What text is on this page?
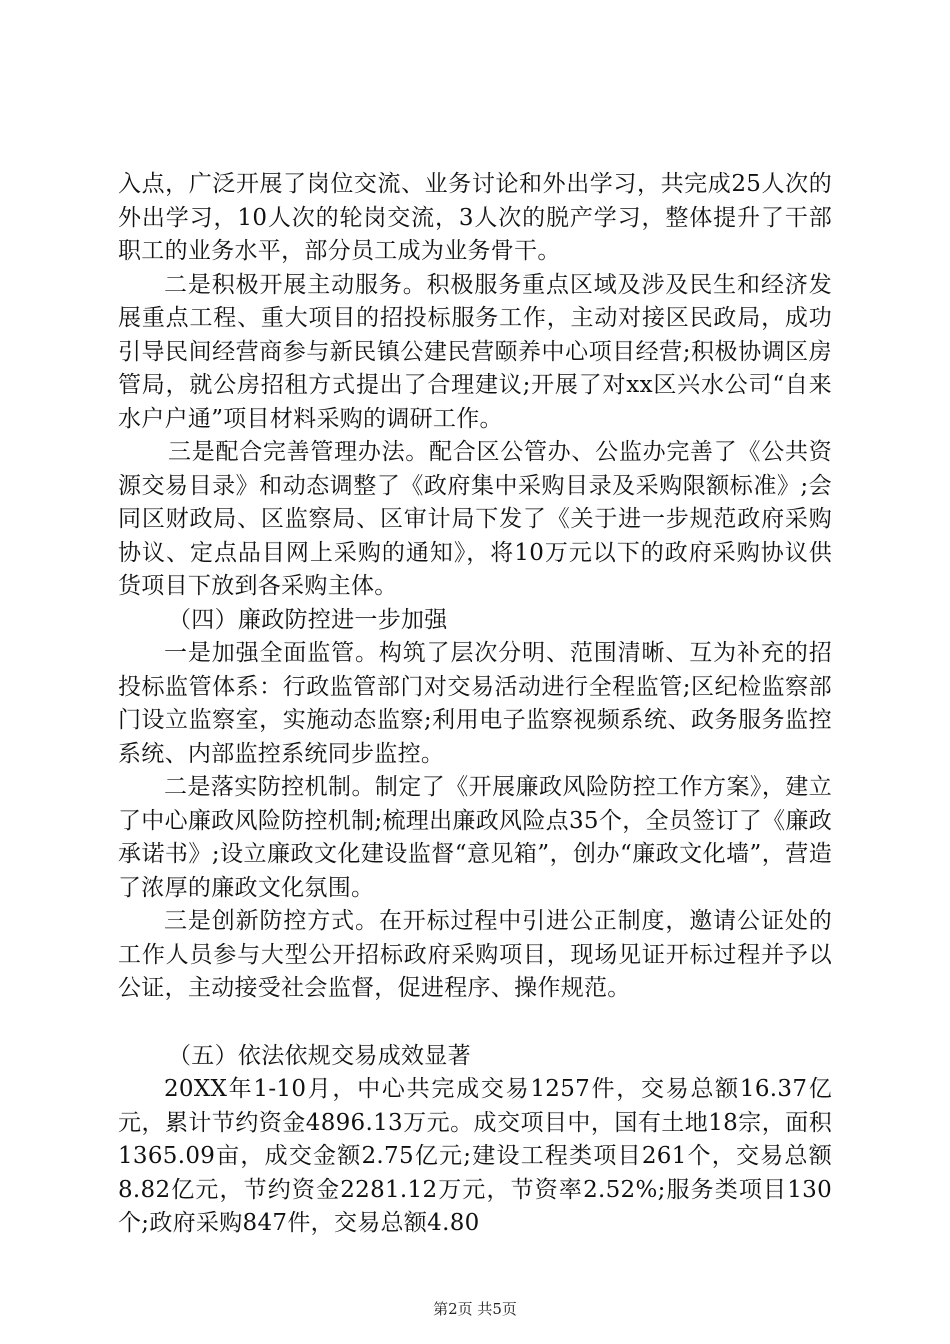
入点，广泛开展了岗位交流、业务讨论和外出学习，共完成25人次的外出学习，10人次的轮岗交流，3人次的脱产学习，整体提升了干部职工的业务水平，部分员工成为业务骨干。

二是积极开展主动服务。积极服务重点区域及涉及民生和经济发展重点工程、重大项目的招投标服务工作，主动对接区民政局，成功引导民间经营商参与新民镇公建民营颐养中心项目经营;积极协调区房管局，就公房招租方式提出了合理建议;开展了对xx区兴水公司“自来水户户通”项目材料采购的调研工作。

三是配合完善管理办法。配合区公管办、公监办完善了《公共资源交易目录》和动态调整了《政府集中采购目录及采购限额标准》;会同区财政局、区监察局、区审计局下发了《关于进一步规范政府采购协议、定点品目网上采购的通知》，将10万元以下的政府采购协议供货项目下放到各采购主体。

（四）廉政防控进一步加强

一是加强全面监管。构筑了层次分明、范围清晰、互为补充的招投标监管体系：行政监管部门对交易活动进行全程监管;区纪检监察部门设立监察室，实施动态监察;利用电子监察视频系统、政务服务监控系统、内部监控系统同步监控。

二是落实防控机制。制定了《开展廉政风险防控工作方案》，建立了中心廉政风险防控机制;梳理出廉政风险点35个，全员签订了《廉政承诺书》;设立廉政文化建设监督“意见箱”，创办“廉政文化墙”，营造了浓厚的廉政文化氛围。

三是创新防控方式。在开标过程中引进公正制度，邀请公证处的工作人员参与大型公开招标政府采购项目，现场见证开标过程并予以公证，主动接受社会监督，促进程序、操作规范。

（五）依法依规交易成效显著

20XX年1-10月，中心共完成交易1257件，交易总额16.37亿元，累计节约资金4896.13万元。成交项目中，国有土地18宗，面积1365.09亩，成交金额2.75亿元;建设工程类项目261个，交易总额8.82亿元，节约资金2281.12万元，节资率2.52%;服务类项目130个;政府采购847件，交易总额4.80

第2页 共5页
